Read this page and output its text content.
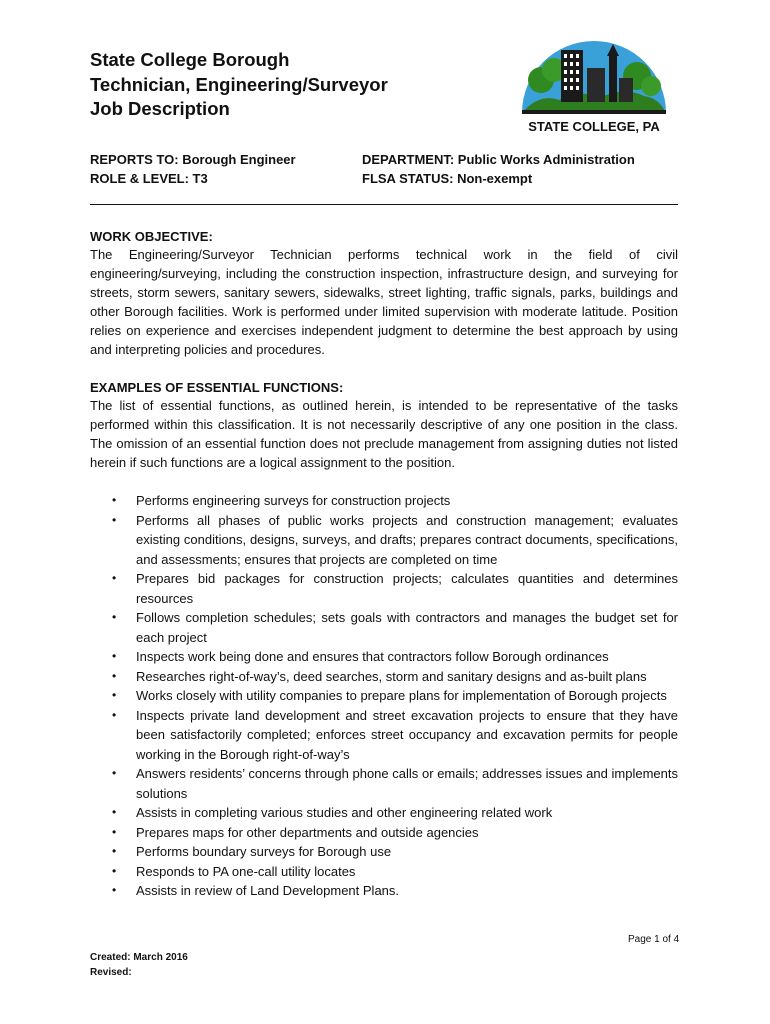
State College Borough
Technician, Engineering/Surveyor
Job Description
STATE COLLEGE, PA
REPORTS TO: Borough Engineer
ROLE & LEVEL: T3
DEPARTMENT: Public Works Administration
FLSA STATUS: Non-exempt
WORK OBJECTIVE:
The Engineering/Surveyor Technician performs technical work in the field of civil engineering/surveying, including the construction inspection, infrastructure design, and surveying for streets, storm sewers, sanitary sewers, sidewalks, street lighting, traffic signals, parks, buildings and other Borough facilities. Work is performed under limited supervision with moderate latitude. Position relies on experience and exercises independent judgment to determine the best approach by using and interpreting policies and procedures.
EXAMPLES OF ESSENTIAL FUNCTIONS:
The list of essential functions, as outlined herein, is intended to be representative of the tasks performed within this classification. It is not necessarily descriptive of any one position in the class. The omission of an essential function does not preclude management from assigning duties not listed herein if such functions are a logical assignment to the position.
• Performs engineering surveys for construction projects
• Performs all phases of public works projects and construction management; evaluates existing conditions, designs, surveys, and drafts; prepares contract documents, specifications, and assessments; ensures that projects are completed on time
• Prepares bid packages for construction projects; calculates quantities and determines resources
• Follows completion schedules; sets goals with contractors and manages the budget set for each project
• Inspects work being done and ensures that contractors follow Borough ordinances
• Researches right-of-way’s, deed searches, storm and sanitary designs and as-built plans
• Works closely with utility companies to prepare plans for implementation of Borough projects
• Inspects private land development and street excavation projects to ensure that they have been satisfactorily completed; enforces street occupancy and excavation permits for people working in the Borough right-of-way’s
• Answers residents’ concerns through phone calls or emails; addresses issues and implements solutions
• Assists in completing various studies and other engineering related work
• Prepares maps for other departments and outside agencies
• Performs boundary surveys for Borough use
• Responds to PA one-call utility locates
• Assists in review of Land Development Plans.
Page 1 of 4
Created: March 2016
Revised:
